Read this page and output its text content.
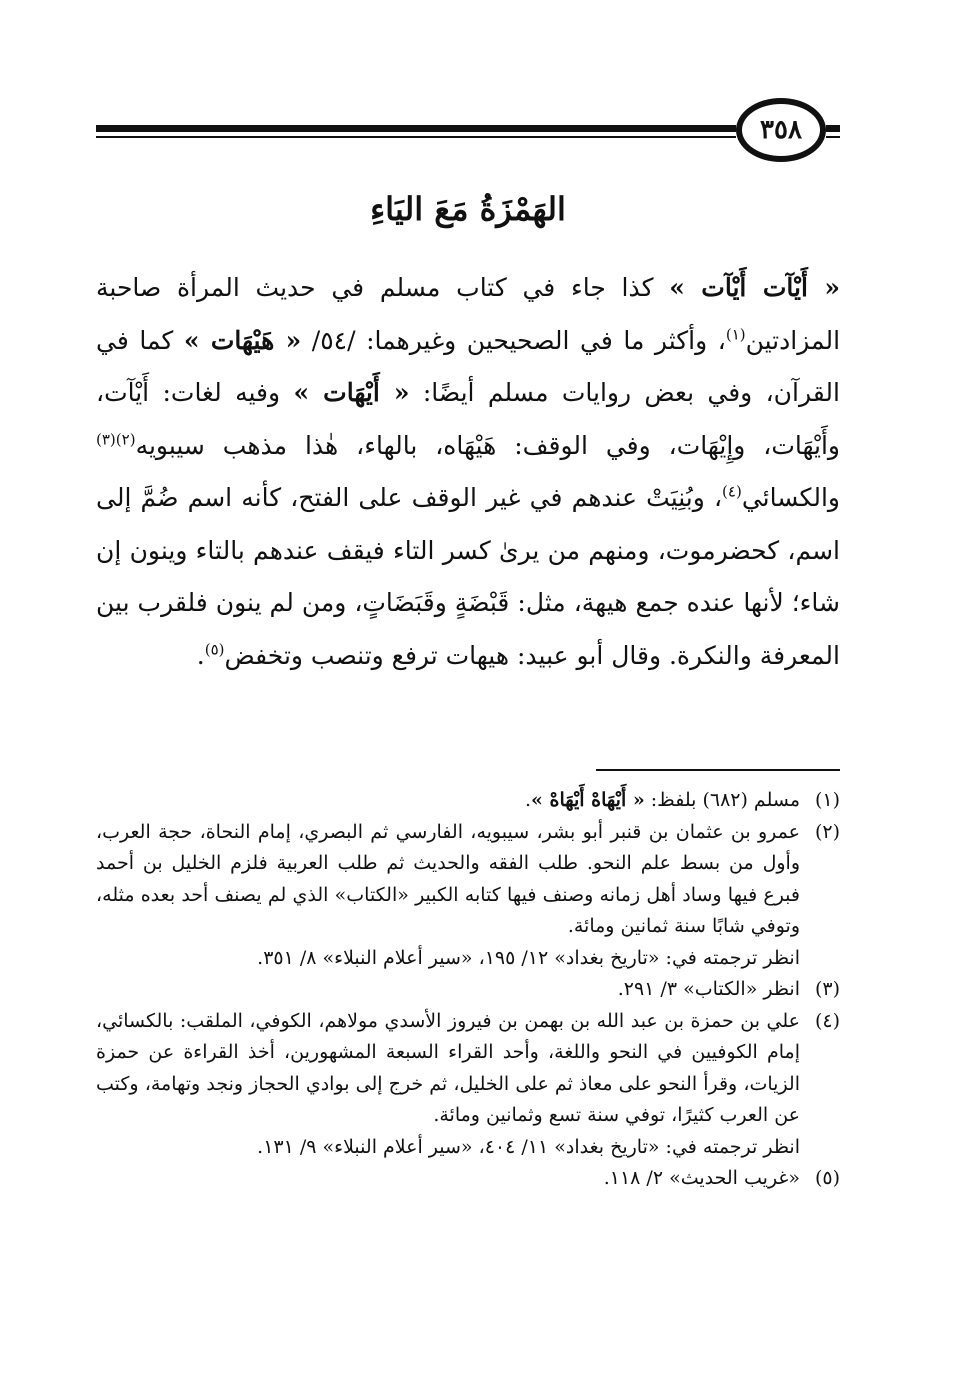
٣٥٨
الهَمْزَةُ مَعَ اليَاءِ

« أَيْآت أَيْآت » كذا جاء في كتاب مسلم في حديث المرأة صاحبة المزادتين$^{(١)}$، وأكثر ما في الصحيحين وغيرهما: /٥٤/ « هَيْهَات » كما في القرآن، وفي بعض روايات مسلم أيضًا: « أَيْهَات » وفيه لغات: أَيْآت، وأَيْهَات، وإِيْهَات، وفي الوقف: هَيْهَاه، بالهاء، هٰذا مذهب سيبويه$^{(٢)(٣)}$ والكسائي$^{(٤)}$، وبُنِيَتْ عندهم في غير الوقف على الفتح، كأنه اسم ضُمَّ إلى اسم، كحضرموت، ومنهم من يرىٰ كسر التاء فيقف عندهم بالتاء وينون إن شاء؛ لأنها عنده جمع هيهة، مثل: قَبْضَةٍ وقَبَضَاتٍ، ومن لم ينون فلقرب بين المعرفة والنكرة. وقال أبو عبيد: هيهات ترفع وتنصب وتخفض$^{(٥)}$.

(١)

مسلم (٦٨٢) بلفظ: « أَيْهَاهْ أَيْهَاهْ ».

(٢)

عمرو بن عثمان بن قنبر أبو بشر، سيبويه، الفارسي ثم البصري، إمام النحاة، حجة العرب، وأول من بسط علم النحو. طلب الفقه والحديث ثم طلب العربية فلزم الخليل بن أحمد فبرع فيها وساد أهل زمانه وصنف فيها كتابه الكبير «الكتاب» الذي لم يصنف أحد بعده مثله، وتوفي شابًا سنة ثمانين ومائة.

انظر ترجمته في: «تاريخ بغداد» ١٢/ ١٩٥، «سير أعلام النبلاء» ٨/ ٣٥١.

(٣)

انظر «الكتاب» ٣/ ٢٩١.

(٤)

علي بن حمزة بن عبد الله بن بهمن بن فيروز الأسدي مولاهم، الكوفي، الملقب: بالكسائي، إمام الكوفيين في النحو واللغة، وأحد القراء السبعة المشهورين، أخذ القراءة عن حمزة الزيات، وقرأ النحو على معاذ ثم على الخليل، ثم خرج إلى بوادي الحجاز ونجد وتهامة، وكتب عن العرب كثيرًا، توفي سنة تسع وثمانين ومائة.

انظر ترجمته في: «تاريخ بغداد» ١١/ ٤٠٤، «سير أعلام النبلاء» ٩/ ١٣١.

(٥)

«غريب الحديث» ٢/ ١١٨.
